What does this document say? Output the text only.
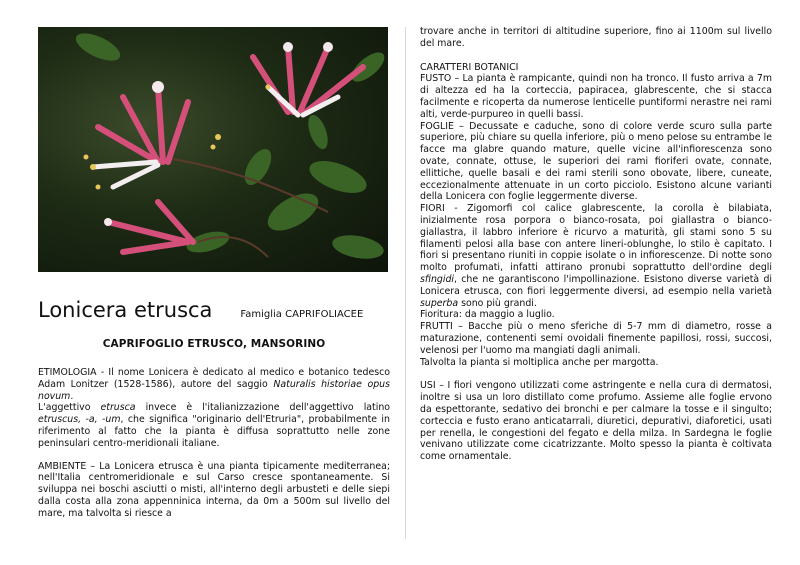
Lonicera etrusca	Famiglia CAPRIFOLIACEE
CAPRIFOGLIO ETRUSCO, MANSORINO

ETIMOLOGIA - Il nome Lonicera è dedicato al medico e botanico tedesco Adam Lonitzer (1528-1586), autore del saggio Naturalis historiae opus novum.

L'aggettivo etrusca invece è l'italianizzazione dell'aggettivo latino etruscus, -a, -um, che significa "originario dell'Etruria", probabilmente in riferimento al fatto che la pianta è diffusa soprattutto nelle zone peninsulari centro-meridionali italiane.

AMBIENTE – La Lonicera etrusca è una pianta tipicamente mediterranea; nell'Italia centromeridionale e sul Carso cresce spontaneamente. Si sviluppa nei boschi asciutti o misti, all'interno degli arbusteti e delle siepi dalla costa alla zona appenninica interna, da 0m a 500m sul livello del mare, ma talvolta si riesce a

trovare anche in territori di altitudine superiore, fino ai 1100m sul livello del mare.

CARATTERI BOTANICI

FUSTO – La pianta è rampicante, quindi non ha tronco. Il fusto arriva a 7m di altezza ed ha la corteccia, papiracea, glabrescente, che si stacca facilmente e ricoperta da numerose lenticelle puntiformi nerastre nei rami alti, verde-purpureo in quelli bassi.

FOGLIE – Decussate e caduche, sono di colore verde scuro sulla parte superiore, più chiare su quella inferiore, più o meno pelose su entrambe le facce ma glabre quando mature, quelle vicine all'infiorescenza sono ovate, connate, ottuse, le superiori dei rami fioriferi ovate, connate, ellittiche, quelle basali e dei rami sterili sono obovate, libere, cuneate, eccezionalmente attenuate in un corto picciolo. Esistono alcune varianti della Lonicera con foglie leggermente diverse.

FIORI - Zigomorfi col calice glabrescente, la corolla è bilabiata, inizialmente rosa porpora o bianco-rosata, poi giallastra o bianco-giallastra, il labbro inferiore è ricurvo a maturità, gli stami sono 5 su filamenti pelosi alla base con antere lineri-oblunghe, lo stilo è capitato. I fiori si presentano riuniti in coppie isolate o in infiorescenze. Di notte sono molto profumati, infatti attirano pronubi soprattutto dell'ordine degli sfingidi, che ne garantiscono l'impollinazione. Esistono diverse varietà di Lonicera etrusca, con fiori leggermente diversi, ad esempio nella varietà superba sono più grandi.

Fioritura: da maggio a luglio.

FRUTTI – Bacche più o meno sferiche di 5-7 mm di diametro, rosse a maturazione, contenenti semi ovoidali finemente papillosi, rossi, succosi, velenosi per l'uomo ma mangiati dagli animali.

Talvolta la pianta si moltiplica anche per margotta.

USI – I fiori vengono utilizzati come astringente e nella cura di dermatosi, inoltre si usa un loro distillato come profumo. Assieme alle foglie ervono da espettorante, sedativo dei bronchi e per calmare la tosse e il singulto; corteccia e fusto erano anticatarrali, diuretici, depurativi, diaforetici, usati per renella, le congestioni del fegato e della milza. In Sardegna le foglie venivano utilizzate come cicatrizzante. Molto spesso la pianta è coltivata come ornamentale.
